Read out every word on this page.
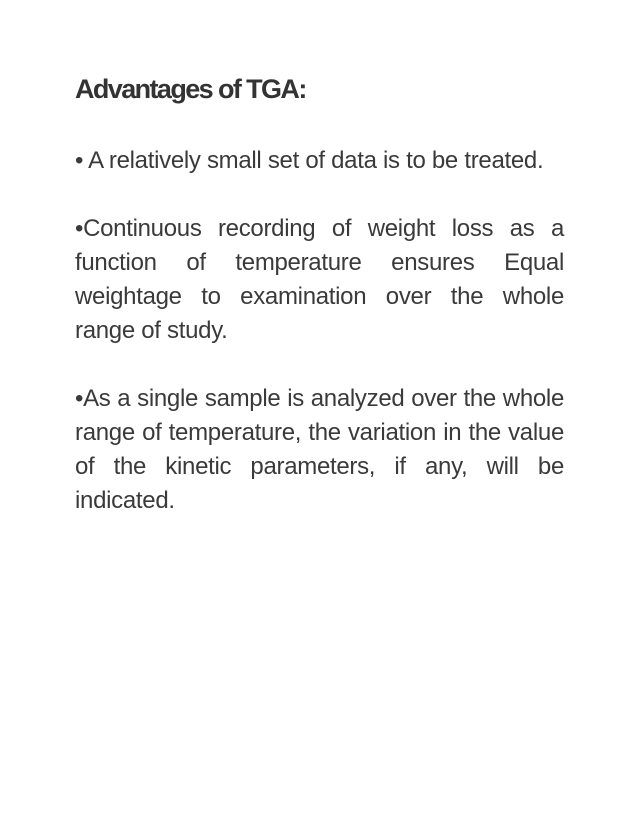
Advantages of TGA:

• A relatively small set of data is to be treated.

•Continuous recording of weight loss as a function of temperature ensures Equal weightage to examination over the whole range of study.

•As a single sample is analyzed over the whole range of temperature, the variation in the value of the kinetic parameters, if any, will be indicated.
